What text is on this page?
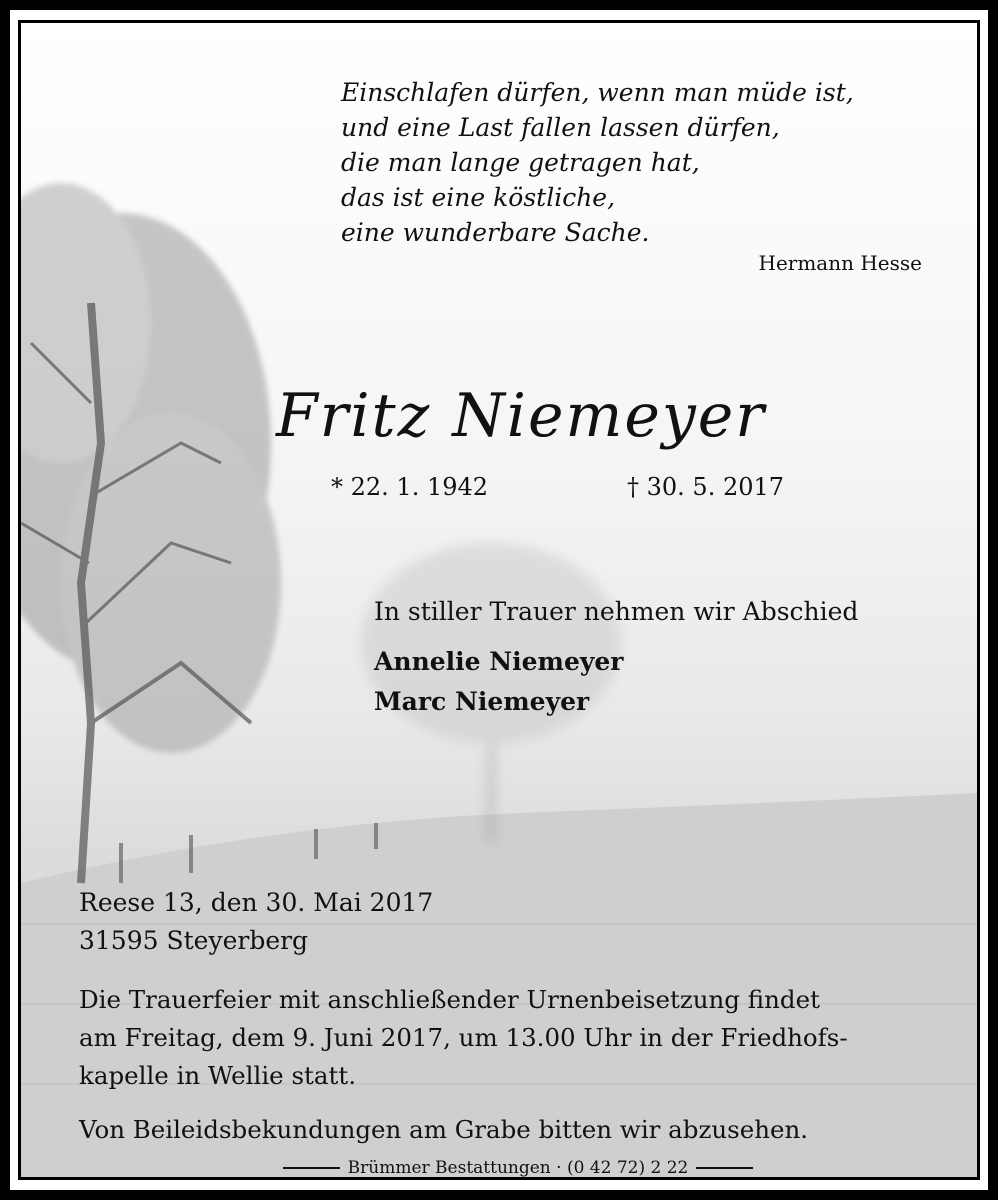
Einschlafen dürfen, wenn man müde ist,
und eine Last fallen lassen dürfen,
die man lange getragen hat,
das ist eine köstliche,
eine wunderbare Sache.
Hermann Hesse
Fritz Niemeyer
* 22. 1. 1942	† 30. 5. 2017
In stiller Trauer nehmen wir Abschied
Annelie Niemeyer
Marc Niemeyer
Reese 13, den 30. Mai 2017
31595 Steyerberg
Die Trauerfeier mit anschließender Urnenbeisetzung findet
am Freitag, dem 9. Juni 2017, um 13.00 Uhr in der Friedhofs-
kapelle in Wellie statt.
Von Beileidsbekundungen am Grabe bitten wir abzusehen.
Brümmer Bestattungen · (0 42 72) 2 22
